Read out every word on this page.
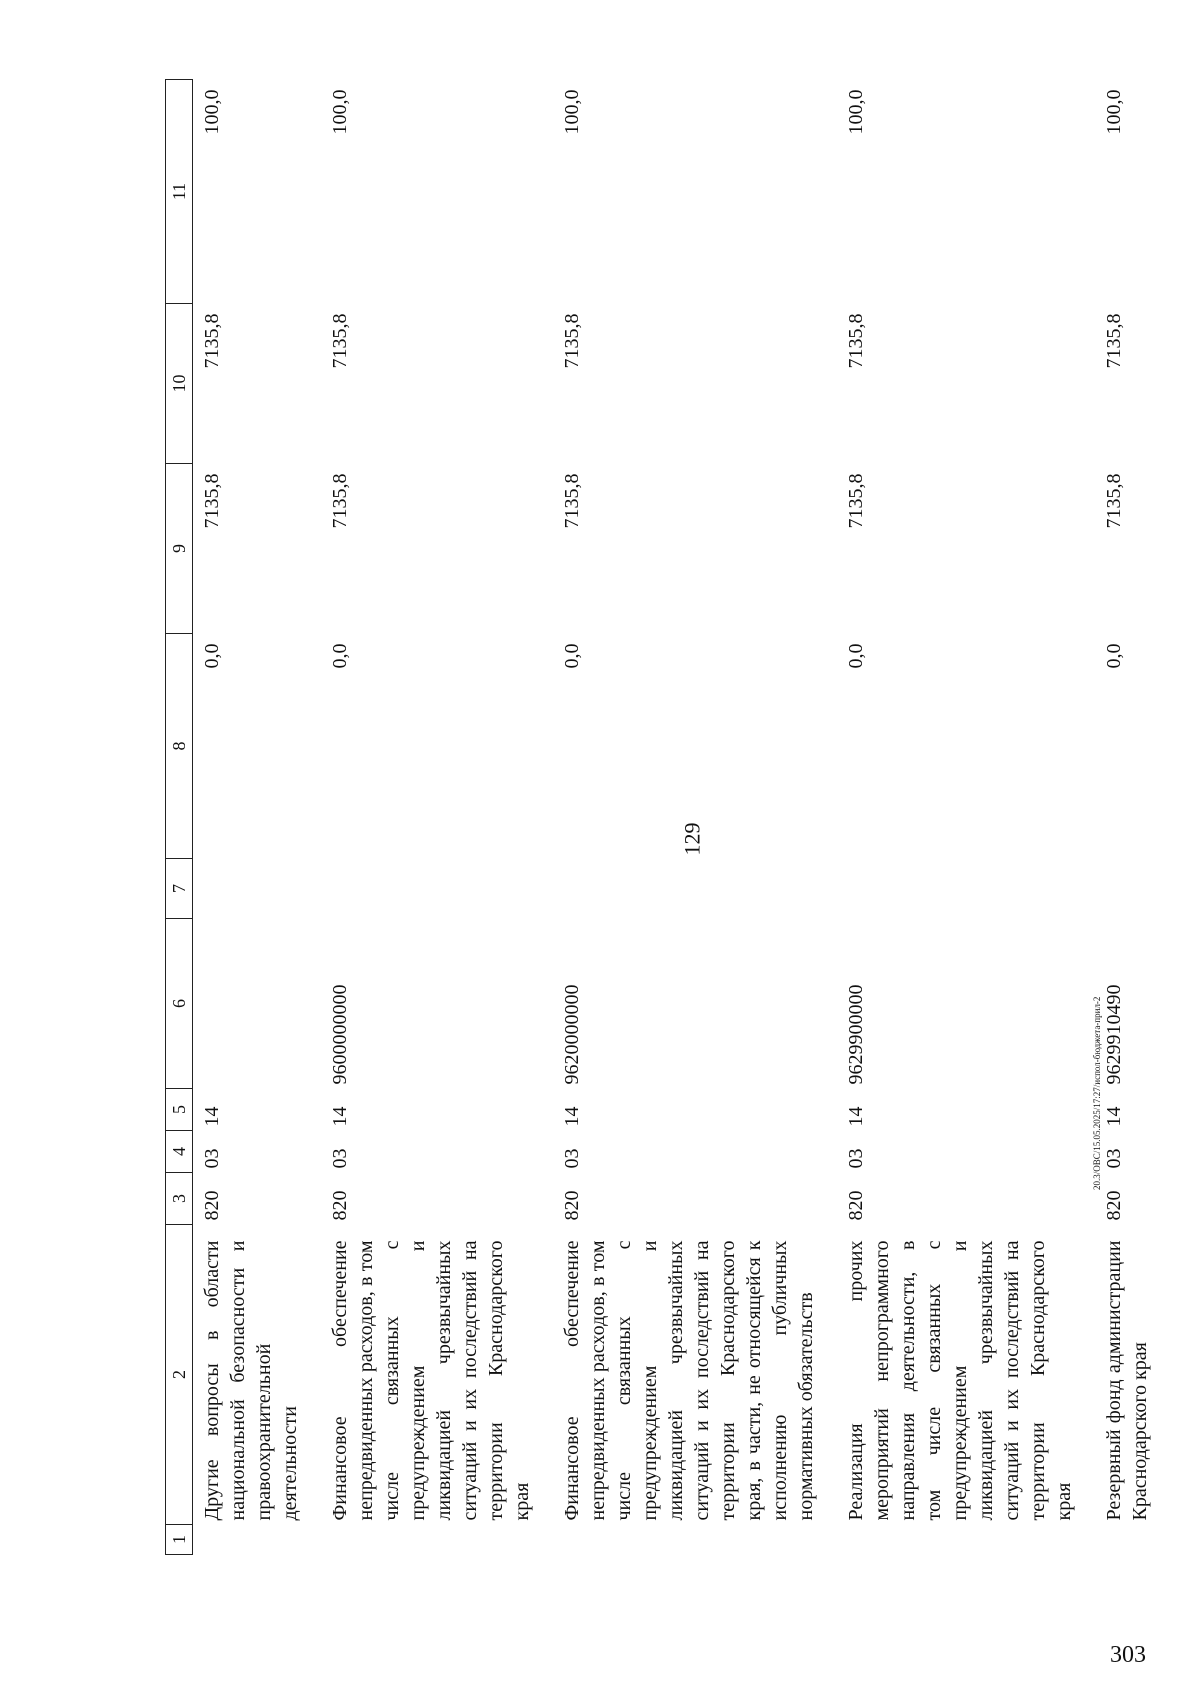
129
303
20.3/ОВС/15.05.2025/17:27/испол-бюджета-прил-2
1	2	3	4	5	6	7	8	9	10	11
	Другие вопросы в области национальной безопасности и правоохранительной деятельности	820	03	14			0,0	7135,8	7135,8	100,0
	Финансовое обеспечение непредвиденных расходов, в том числе связанных с предупреждением и ликвидацией чрезвычайных ситуаций и их последствий на территории Краснодарского края	820	03	14	9600000000		0,0	7135,8	7135,8	100,0
	Финансовое обеспечение непредвиденных расходов, в том числе связанных с предупреждением и ликвидацией чрезвычайных ситуаций и их последствий на территории Краснодарского края, в части, не относящейся к исполнению публичных нормативных обязательств	820	03	14	9620000000		0,0	7135,8	7135,8	100,0
	Реализация прочих мероприятий непрограммного направления деятельности, в том числе связанных с предупреждением и ликвидацией чрезвычайных ситуаций и их последствий на территории Краснодарского края	820	03	14	9629900000		0,0	7135,8	7135,8	100,0
	Резервный фонд администрации Краснодарского края	820	03	14	9629910490		0,0	7135,8	7135,8	100,0
